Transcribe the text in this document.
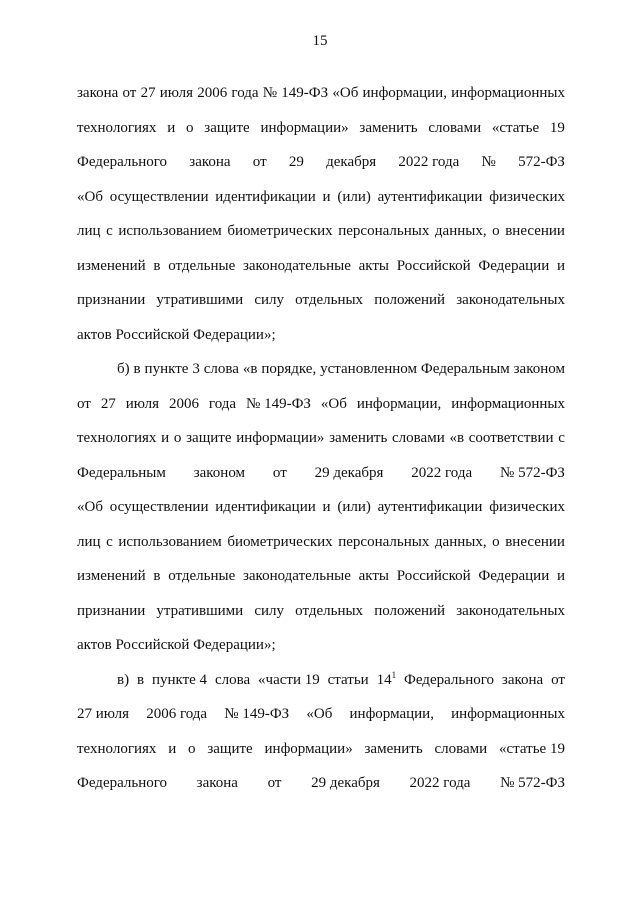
15
закона от 27 июля 2006 года № 149-ФЗ «Об информации, информационных
технологиях и о защите информации» заменить словами «статье 19
Федерального закона от 29 декабря 2022 года № 572-ФЗ
«Об осуществлении идентификации и (или) аутентификации физических
лиц с использованием биометрических персональных данных, о внесении
изменений в отдельные законодательные акты Российской Федерации и
признании утратившими силу отдельных положений законодательных
актов Российской Федерации»;
б) в пункте 3 слова «в порядке, установленном Федеральным законом
от 27 июля 2006 года № 149-ФЗ «Об информации, информационных
технологиях и о защите информации» заменить словами «в соответствии с
Федеральным законом от 29 декабря 2022 года № 572-ФЗ
«Об осуществлении идентификации и (или) аутентификации физических
лиц с использованием биометрических персональных данных, о внесении
изменений в отдельные законодательные акты Российской Федерации и
признании утратившими силу отдельных положений законодательных
актов Российской Федерации»;
в) в пункте 4 слова «части 19 статьи $14^1$ Федерального закона от
27 июля 2006 года № 149-ФЗ «Об информации, информационных
технологиях и о защите информации» заменить словами «статье 19
Федерального закона от 29 декабря 2022 года № 572-ФЗ
